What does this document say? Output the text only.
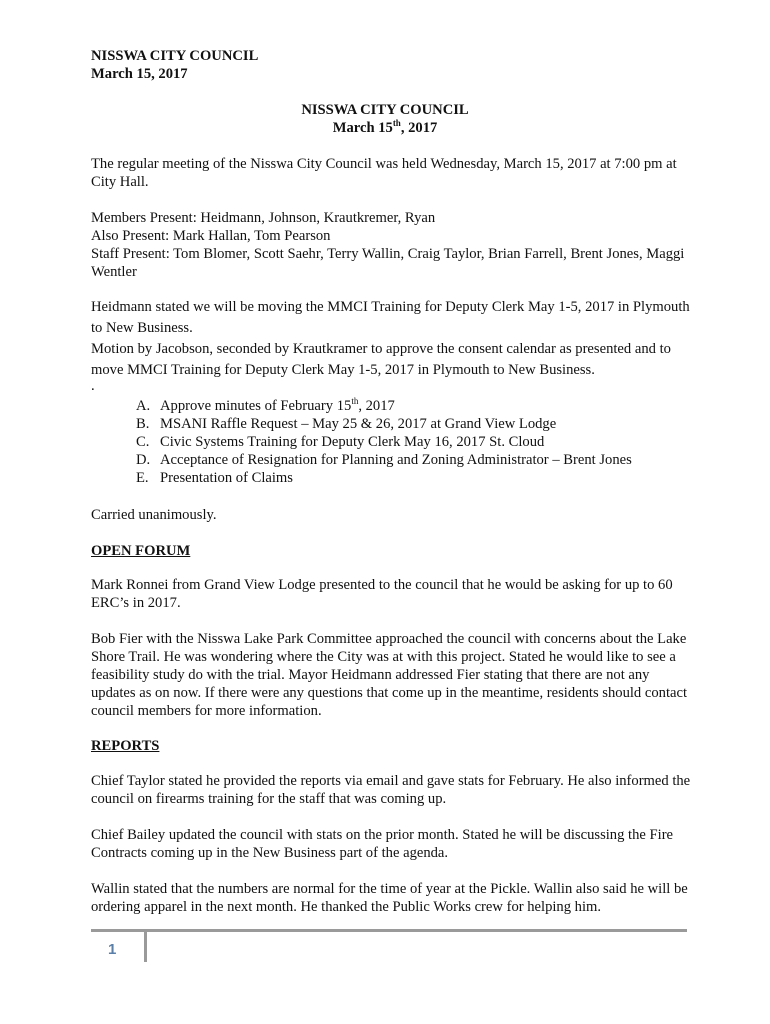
NISSWA CITY COUNCIL
March 15, 2017
NISSWA CITY COUNCIL
March 15th, 2017

The regular meeting of the Nisswa City Council was held Wednesday, March 15, 2017 at 7:00 pm at City Hall.

Members Present: Heidmann, Johnson, Krautkremer, Ryan
Also Present: Mark Hallan, Tom Pearson
Staff Present: Tom Blomer, Scott Saehr, Terry Wallin, Craig Taylor, Brian Farrell, Brent Jones, Maggi Wentler

Heidmann stated we will be moving the MMCI Training for Deputy Clerk May 1-5, 2017 in Plymouth to New Business.

Motion by Jacobson, seconded by Krautkramer to approve the consent calendar as presented and to move MMCI Training for Deputy Clerk May 1-5, 2017 in Plymouth to New Business.

.
A. Approve minutes of February 15th, 2017
B. MSANI Raffle Request – May 25 & 26, 2017 at Grand View Lodge
C. Civic Systems Training for Deputy Clerk May 16, 2017 St. Cloud
D. Acceptance of Resignation for Planning and Zoning Administrator – Brent Jones
E. Presentation of Claims

Carried unanimously.

OPEN FORUM

Mark Ronnei from Grand View Lodge presented to the council that he would be asking for up to 60 ERC’s in 2017.

Bob Fier with the Nisswa Lake Park Committee approached the council with concerns about the Lake Shore Trail. He was wondering where the City was at with this project. Stated he would like to see a feasibility study do with the trial. Mayor Heidmann addressed Fier stating that there are not any updates as on now. If there were any questions that come up in the meantime, residents should contact council members for more information.

REPORTS

Chief Taylor stated he provided the reports via email and gave stats for February. He also informed the council on firearms training for the staff that was coming up.

Chief Bailey updated the council with stats on the prior month. Stated he will be discussing the Fire Contracts coming up in the New Business part of the agenda.

Wallin stated that the numbers are normal for the time of year at the Pickle. Wallin also said he will be ordering apparel in the next month. He thanked the Public Works crew for helping him.

1
